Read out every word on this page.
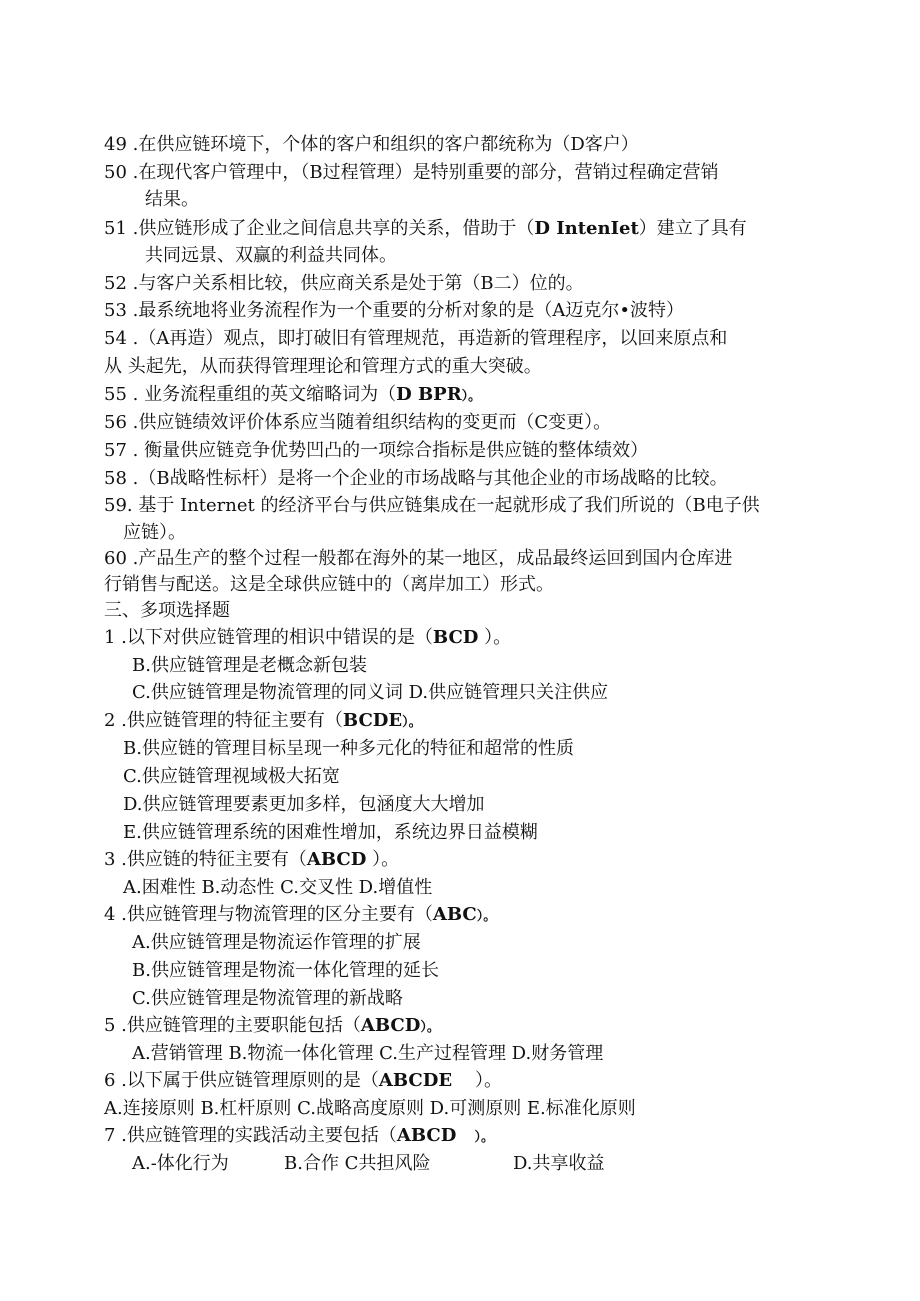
49 .在供应链环境下，个体的客户和组织的客户都统称为（D客户）
50 .在现代客户管理中，（B过程管理）是特别重要的部分，营销过程确定营销
结果。
51 .供应链形成了企业之间信息共享的关系，借助于（D IntenIet）建立了具有
共同远景、双赢的利益共同体。
52 .与客户关系相比较，供应商关系是处于第（B二）位的。
53 .最系统地将业务流程作为一个重要的分析对象的是（A迈克尔•波特）
54 .（A再造）观点，即打破旧有管理规范，再造新的管理程序，以回来原点和
从 头起先，从而获得管理理论和管理方式的重大突破。
55 . 业务流程重组的英文缩略词为（D BPR）。
56 .供应链绩效评价体系应当随着组织结构的变更而（C变更）。
57 . 衡量供应链竞争优势凹凸的一项综合指标是供应链的整体绩效）
58 .（B战略性标杆）是将一个企业的市场战略与其他企业的市场战略的比较。
59. 基于 Internet 的经济平台与供应链集成在一起就形成了我们所说的（B电子供
应链）。
60 .产品生产的整个过程一般都在海外的某一地区，成品最终运回到国内仓库进
行销售与配送。这是全球供应链中的（离岸加工）形式。
三、多项选择题
1 .以下对供应链管理的相识中错误的是（BCD ）。
B.供应链管理是老概念新包装
C.供应链管理是物流管理的同义词 D.供应链管理只关注供应
2 .供应链管理的特征主要有（BCDE）。
B.供应链的管理目标呈现一种多元化的特征和超常的性质
C.供应链管理视域极大拓宽
D.供应链管理要素更加多样，包涵度大大增加
E.供应链管理系统的困难性增加，系统边界日益模糊
3 .供应链的特征主要有（ABCD ）。
A.困难性 B.动态性 C.交叉性 D.增值性
4 .供应链管理与物流管理的区分主要有（ABC）。
A.供应链管理是物流运作管理的扩展
B.供应链管理是物流一体化管理的延长
C.供应链管理是物流管理的新战略
5 .供应链管理的主要职能包括（ABCD）。
A.营销管理 B.物流一体化管理 C.生产过程管理 D.财务管理
6 .以下属于供应链管理原则的是（ABCDE    ）。
A.连接原则 B.杠杆原则 C.战略高度原则 D.可测原则 E.标准化原则
7 .供应链管理的实践活动主要包括（ABCD    ）。
A.-体化行为	B.合作 C共担风险	D.共享收益
